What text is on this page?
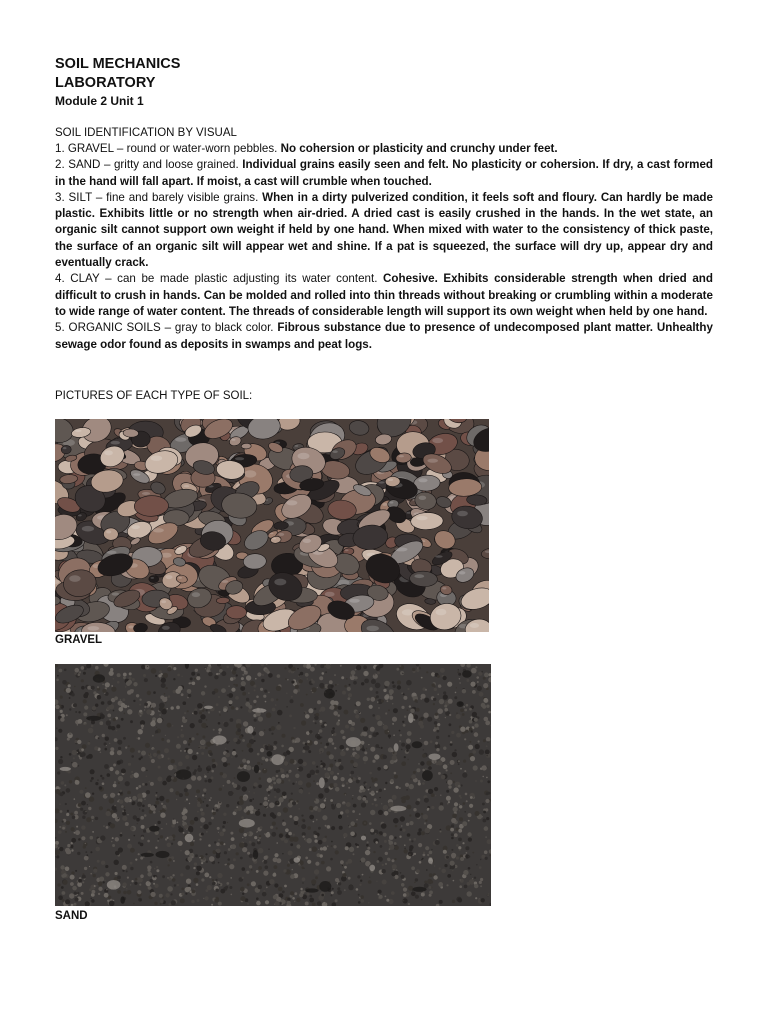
SOIL MECHANICS
LABORATORY
Module 2 Unit 1
SOIL IDENTIFICATION BY VISUAL

1. GRAVEL – round or water-worn pebbles. No cohersion or plasticity and crunchy under feet.

2. SAND – gritty and loose grained. Individual grains easily seen and felt. No plasticity or cohersion. If dry, a cast formed in the hand will fall apart. If moist, a cast will crumble when touched.

3. SILT – fine and barely visible grains. When in a dirty pulverized condition, it feels soft and floury. Can hardly be made plastic. Exhibits little or no strength when air-dried. A dried cast is easily crushed in the hands. In the wet state, an organic silt cannot support own weight if held by one hand. When mixed with water to the consistency of thick paste, the surface of an organic silt will appear wet and shine. If a pat is squeezed, the surface will dry up, appear dry and eventually crack.

4. CLAY – can be made plastic adjusting its water content. Cohesive. Exhibits considerable strength when dried and difficult to crush in hands. Can be molded and rolled into thin threads without breaking or crumbling within a moderate to wide range of water content. The threads of considerable length will support its own weight when held by one hand.

5. ORGANIC SOILS – gray to black color. Fibrous substance due to presence of undecomposed plant matter. Unhealthy sewage odor found as deposits in swamps and peat logs.

PICTURES OF EACH TYPE OF SOIL:
GRAVEL
SAND
